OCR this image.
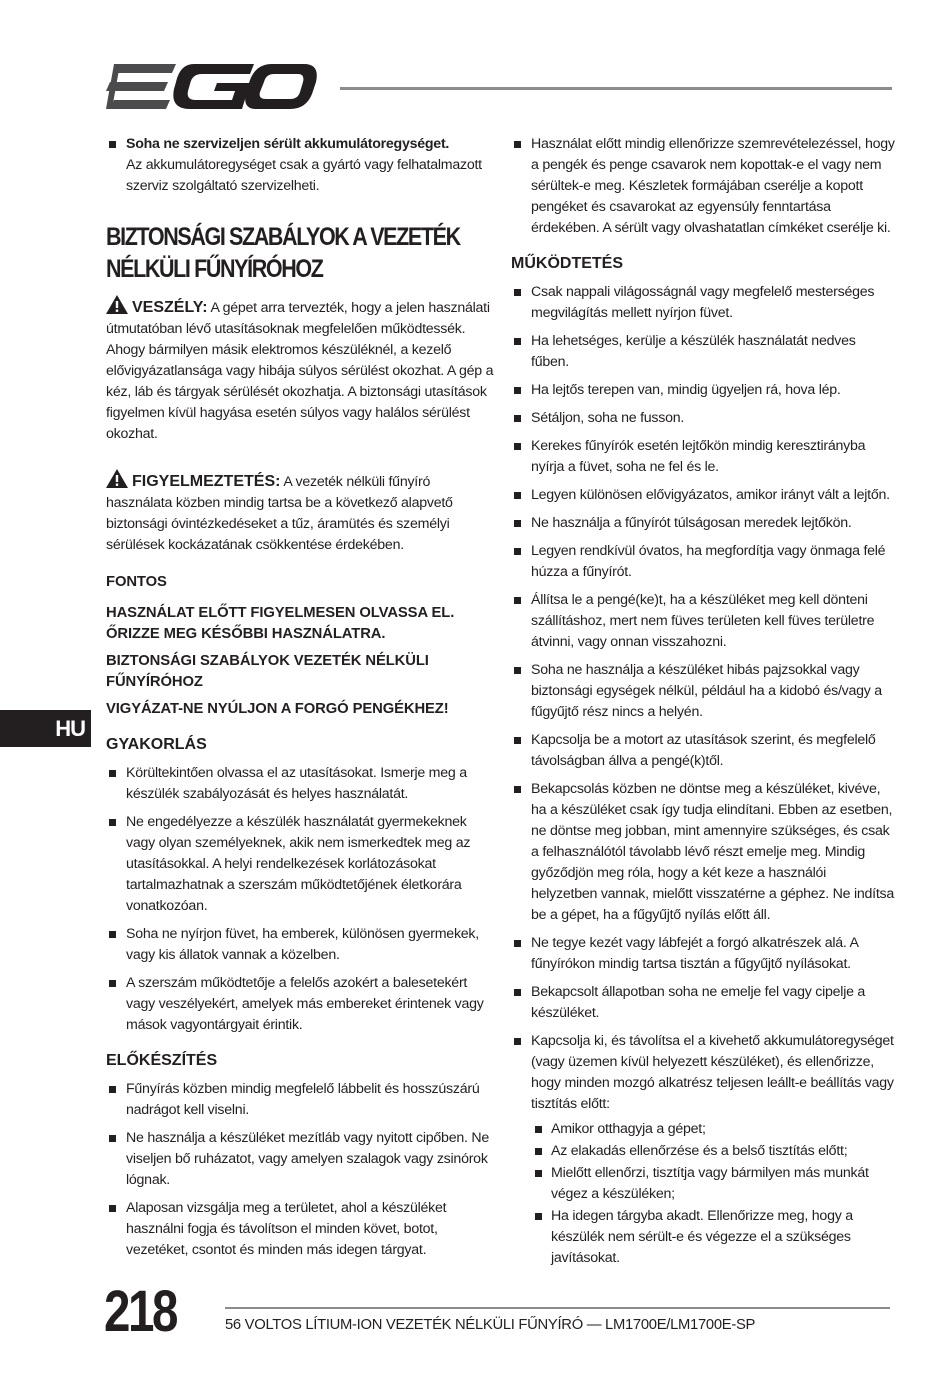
Soha ne szervizeljen sérült akkumulátoregységet.
Az akkumulátoregységet csak a gyártó vagy felhatalmazott szerviz szolgáltató szervizelheti.
BIZTONSÁGI SZABÁLYOK A VEZETÉK
NÉLKÜLI FŰNYÍRÓHOZ

VESZÉLY: A gépet arra tervezték, hogy a jelen használati útmutatóban lévő utasításoknak megfelelően működtessék. Ahogy bármilyen másik elektromos készüléknél, a kezelő elővigyázatlansága vagy hibája súlyos sérülést okozhat. A gép a kéz, láb és tárgyak sérülését okozhatja. A biztonsági utasítások figyelmen kívül hagyása esetén súlyos vagy halálos sérülést okozhat.

FIGYELMEZTETÉS: A vezeték nélküli fűnyíró használata közben mindig tartsa be a következő alapvető biztonsági óvintézkedéseket a tűz, áramütés és személyi sérülések kockázatának csökkentése érdekében.

FONTOS
HASZNÁLAT ELŐTT FIGYELMESEN OLVASSA EL.
ŐRIZZE MEG KÉSŐBBI HASZNÁLATRA.
BIZTONSÁGI SZABÁLYOK VEZETÉK NÉLKÜLI
FŰNYÍRÓHOZ
VIGYÁZAT-NE NYÚLJON A FORGÓ PENGÉKHEZ!
GYAKORLÁS
Körültekintően olvassa el az utasításokat. Ismerje meg a készülék szabályozását és helyes használatát.
Ne engedélyezze a készülék használatát gyermekeknek vagy olyan személyeknek, akik nem ismerkedtek meg az utasításokkal. A helyi rendelkezések korlátozásokat tartalmazhatnak a szerszám működtetőjének életkorára vonatkozóan.
Soha ne nyírjon füvet, ha emberek, különösen gyermekek, vagy kis állatok vannak a közelben.
A szerszám működtetője a felelős azokért a balesetekért vagy veszélyekért, amelyek más embereket érintenek vagy mások vagyontárgyait érintik.
ELŐKÉSZÍTÉS
Fűnyírás közben mindig megfelelő lábbelit és hosszúszárú nadrágot kell viselni.
Ne használja a készüléket mezítláb vagy nyitott cipőben. Ne viseljen bő ruházatot, vagy amelyen szalagok vagy zsinórok lógnak.
Alaposan vizsgálja meg a területet, ahol a készüléket használni fogja és távolítson el minden követ, botot, vezetéket, csontot és minden más idegen tárgyat.
Használat előtt mindig ellenőrizze szemrevételezéssel, hogy a pengék és penge csavarok nem kopottak-e el vagy nem sérültek-e meg. Készletek formájában cserélje a kopott pengéket és csavarokat az egyensúly fenntartása érdekében. A sérült vagy olvashatatlan címkéket cserélje ki.
MŰKÖDTETÉS
Csak nappali világosságnál vagy megfelelő mesterséges megvilágítás mellett nyírjon füvet.
Ha lehetséges, kerülje a készülék használatát nedves fűben.
Ha lejtős terepen van, mindig ügyeljen rá, hova lép.
Sétáljon, soha ne fusson.
Kerekes fűnyírók esetén lejtőkön mindig keresztirányba nyírja a füvet, soha ne fel és le.
Legyen különösen elővigyázatos, amikor irányt vált a lejtőn.
Ne használja a fűnyírót túlságosan meredek lejtőkön.
Legyen rendkívül óvatos, ha megfordítja vagy önmaga felé húzza a fűnyírót.
Állítsa le a pengé(ke)t, ha a készüléket meg kell dönteni szállításhoz, mert nem füves területen kell füves területre átvinni, vagy onnan visszahozni.
Soha ne használja a készüléket hibás pajzsokkal vagy biztonsági egységek nélkül, például ha a kidobó és/vagy a fűgyűjtő rész nincs a helyén.
Kapcsolja be a motort az utasítások szerint, és megfelelő távolságban állva a pengé(k)től.
Bekapcsolás közben ne döntse meg a készüléket, kivéve, ha a készüléket csak így tudja elindítani. Ebben az esetben, ne döntse meg jobban, mint amennyire szükséges, és csak a felhasználótól távolabb lévő részt emelje meg. Mindig győződjön meg róla, hogy a két keze a használói helyzetben vannak, mielőtt visszatérne a géphez. Ne indítsa be a gépet, ha a fűgyűjtő nyílás előtt áll.
Ne tegye kezét vagy lábfejét a forgó alkatrészek alá. A fűnyírókon mindig tartsa tisztán a fűgyűjtő nyílásokat.
Bekapcsolt állapotban soha ne emelje fel vagy cipelje a készüléket.
Kapcsolja ki, és távolítsa el a kivehető akkumulátoregységet (vagy üzemen kívül helyezett készüléket), és ellenőrizze, hogy minden mozgó alkatrész teljesen leállt-e beállítás vagy tisztítás előtt:
Amikor otthagyja a gépet;
Az elakadás ellenőrzése és a belső tisztítás előtt;
Mielőtt ellenőrzi, tisztítja vagy bármilyen más munkát végez a készüléken;
Ha idegen tárgyba akadt. Ellenőrizze meg, hogy a készülék nem sérült-e és végezze el a szükséges javításokat.
HU
218	56 VOLTOS LÍTIUM-ION VEZETÉK NÉLKÜLI FŰNYÍRÓ — LM1700E/LM1700E-SP
